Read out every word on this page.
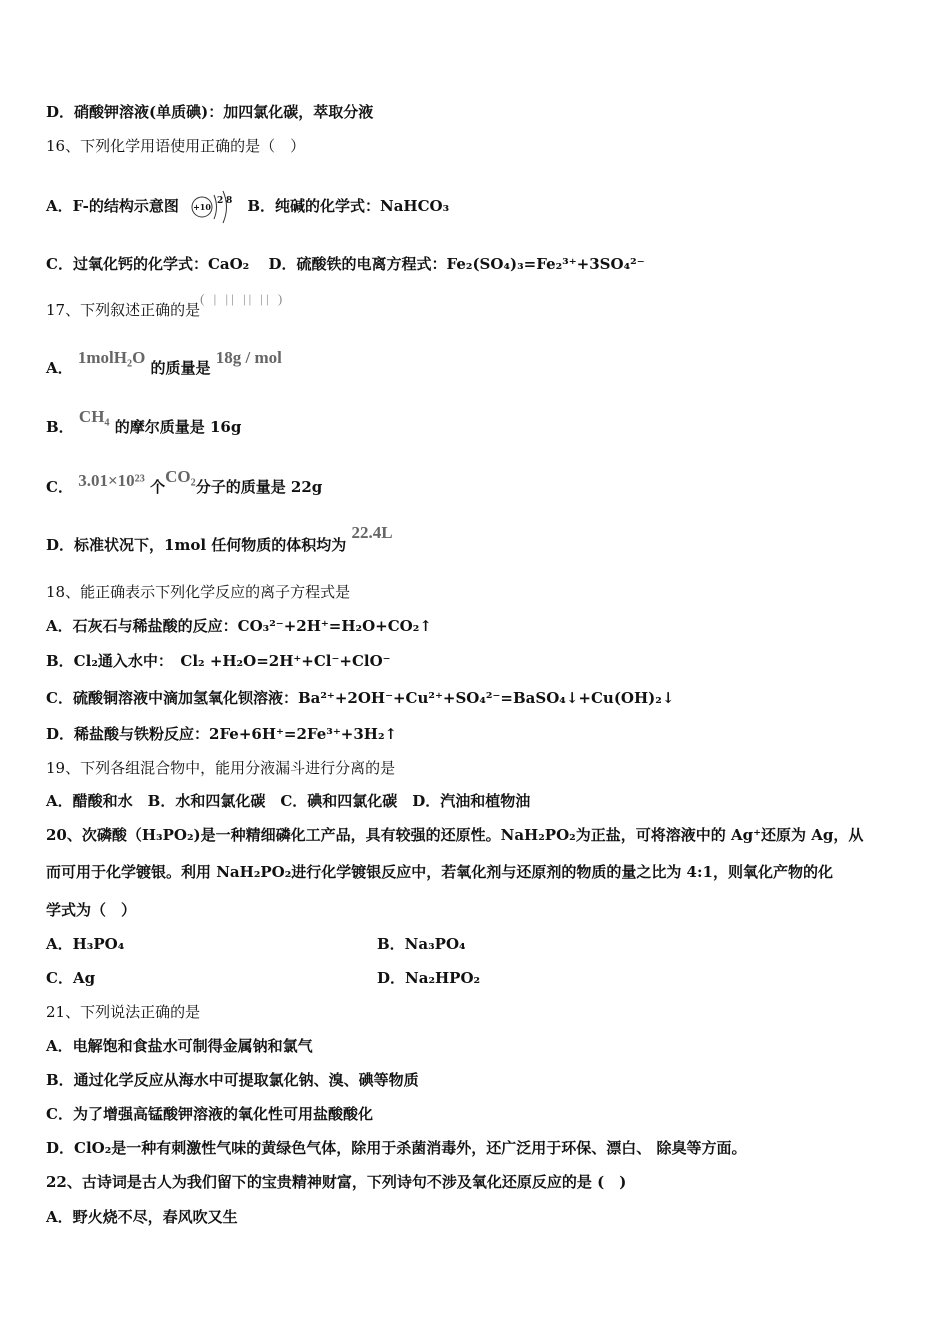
D．硝酸钾溶液(单质碘)：加四氯化碳，萃取分液
16、下列化学用语使用正确的是（　）
A．F-的结构示意图 +10
2 8 B．纯碱的化学式：NaHCO₃
C．过氧化钙的化学式：CaO₂ D．硫酸铁的电离方程式：Fe₂(SO₄)₃=Fe₂³⁺+3SO₄²⁻
17、下列叙述正确的是( | || || || )
A． 1molH₂O 的质量是 18g / mol
B． CH₄ 的摩尔质量是 16g
C． 3.01×10²³ 个CO₂分子的质量是 22g
D．标准状况下，1mol 任何物质的体积均为 22.4L
18、能正确表示下列化学反应的离子方程式是
A．石灰石与稀盐酸的反应：CO₃²⁻+2H⁺=H₂O+CO₂↑
B．Cl₂通入水中：　Cl₂ +H₂O=2H⁺+Cl⁻+ClO⁻
C．硫酸铜溶液中滴加氢氧化钡溶液：Ba²⁺+2OH⁻+Cu²⁺+SO₄²⁻=BaSO₄↓+Cu(OH)₂↓
D．稀盐酸与铁粉反应：2Fe+6H⁺=2Fe³⁺+3H₂↑
19、下列各组混合物中，能用分液漏斗进行分离的是
A．醋酸和水　B．水和四氯化碳　C．碘和四氯化碳　D．汽油和植物油
20、次磷酸（H₃PO₂)是一种精细磷化工产品，具有较强的还原性。NaH₂PO₂为正盐，可将溶液中的 Ag⁺还原为 Ag，从
而可用于化学镀银。利用 NaH₂PO₂进行化学镀银反应中，若氧化剂与还原剂的物质的量之比为 4:1，则氧化产物的化
学式为（　）
A．H₃PO₄	B．Na₃PO₄
C．Ag	D．Na₂HPO₂
21、下列说法正确的是
A．电解饱和食盐水可制得金属钠和氯气
B．通过化学反应从海水中可提取氯化钠、溴、碘等物质
C．为了增强高锰酸钾溶液的氧化性可用盐酸酸化
D．ClO₂是一种有刺激性气味的黄绿色气体，除用于杀菌消毒外，还广泛用于环保、漂白、 除臭等方面。
22、古诗词是古人为我们留下的宝贵精神财富，下列诗句不涉及氧化还原反应的是 (　)
A．野火烧不尽，春风吹又生
